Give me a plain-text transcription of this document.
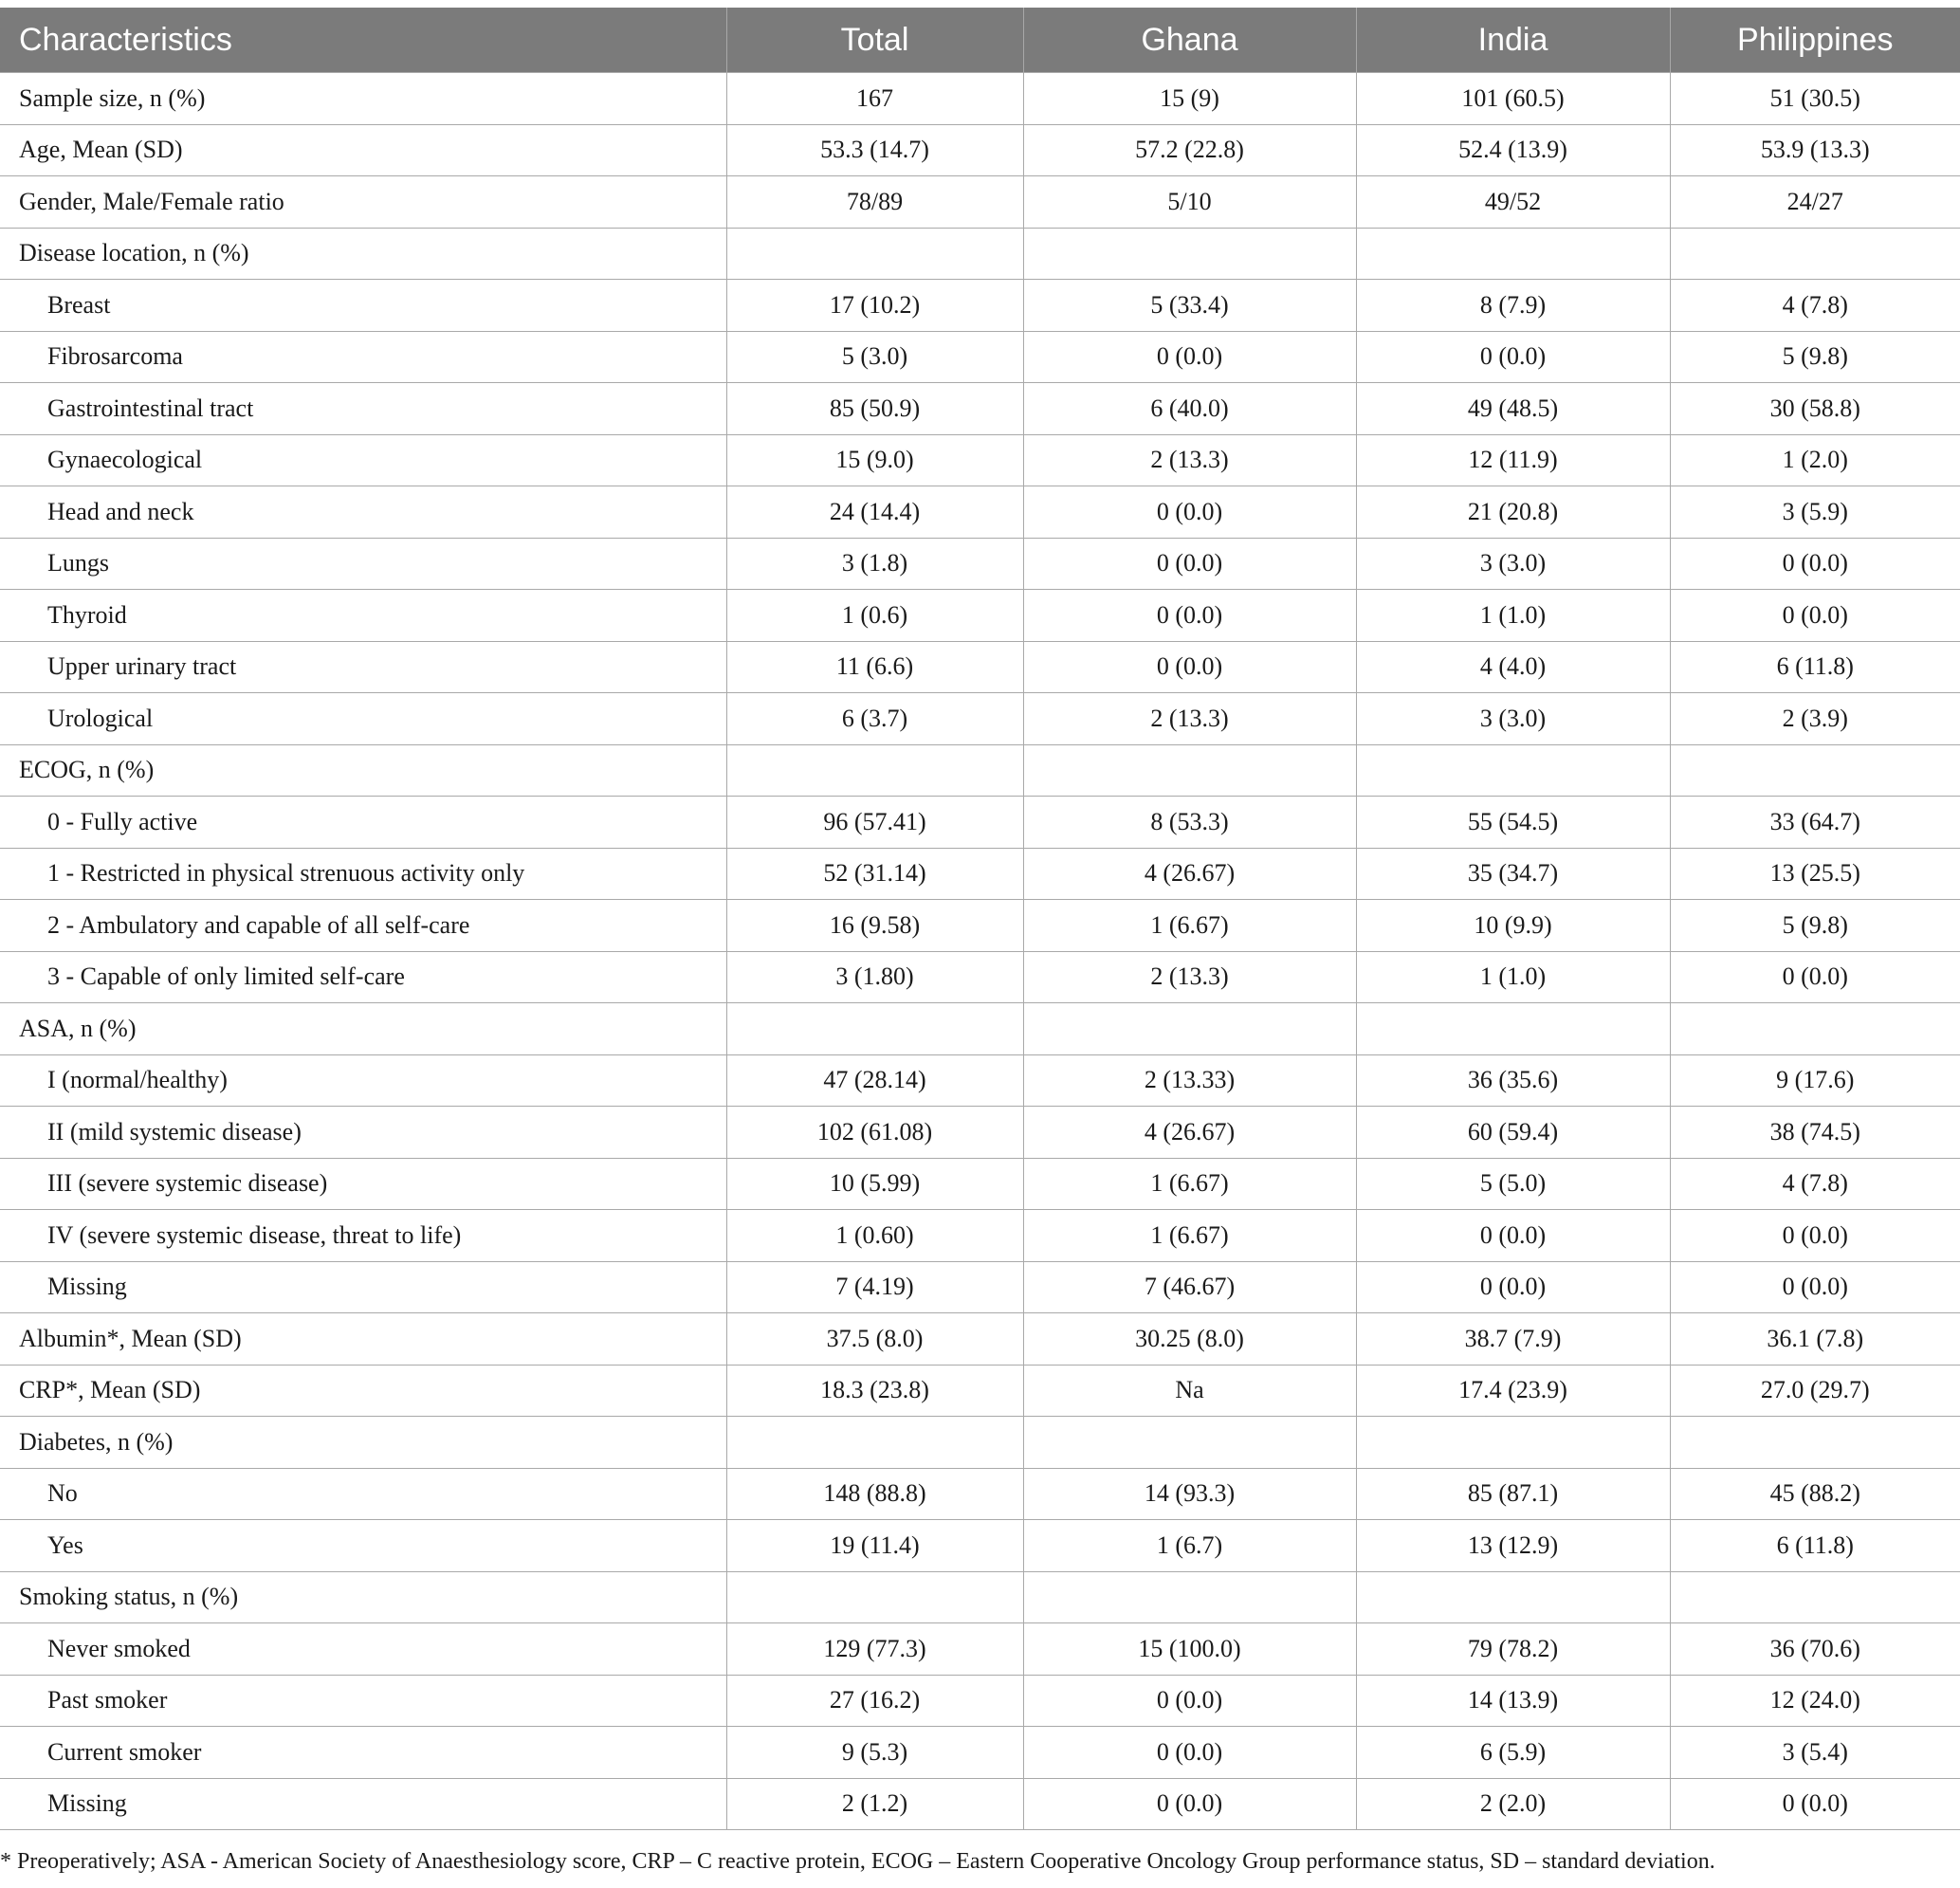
Characteristics	Total	Ghana	India	Philippines
Sample size, n (%)	167	15 (9)	101 (60.5)	51 (30.5)
Age, Mean (SD)	53.3 (14.7)	57.2 (22.8)	52.4 (13.9)	53.9 (13.3)
Gender, Male/Female ratio	78/89	5/10	49/52	24/27
Disease location, n (%)				
Breast	17 (10.2)	5 (33.4)	8 (7.9)	4 (7.8)
Fibrosarcoma	5 (3.0)	0 (0.0)	0 (0.0)	5 (9.8)
Gastrointestinal tract	85 (50.9)	6 (40.0)	49 (48.5)	30 (58.8)
Gynaecological	15 (9.0)	2 (13.3)	12 (11.9)	1 (2.0)
Head and neck	24 (14.4)	0 (0.0)	21 (20.8)	3 (5.9)
Lungs	3 (1.8)	0 (0.0)	3 (3.0)	0 (0.0)
Thyroid	1 (0.6)	0 (0.0)	1 (1.0)	0 (0.0)
Upper urinary tract	11 (6.6)	0 (0.0)	4 (4.0)	6 (11.8)
Urological	6 (3.7)	2 (13.3)	3 (3.0)	2 (3.9)
ECOG, n (%)				
0 - Fully active	96 (57.41)	8 (53.3)	55 (54.5)	33 (64.7)
1 - Restricted in physical strenuous activity only	52 (31.14)	4 (26.67)	35 (34.7)	13 (25.5)
2 - Ambulatory and capable of all self-care	16 (9.58)	1 (6.67)	10 (9.9)	5 (9.8)
3 - Capable of only limited self-care	3 (1.80)	2 (13.3)	1 (1.0)	0 (0.0)
ASA, n (%)				
I (normal/healthy)	47 (28.14)	2 (13.33)	36 (35.6)	9 (17.6)
II (mild systemic disease)	102 (61.08)	4 (26.67)	60 (59.4)	38 (74.5)
III (severe systemic disease)	10 (5.99)	1 (6.67)	5 (5.0)	4 (7.8)
IV (severe systemic disease, threat to life)	1 (0.60)	1 (6.67)	0 (0.0)	0 (0.0)
Missing	7 (4.19)	7 (46.67)	0 (0.0)	0 (0.0)
Albumin*, Mean (SD)	37.5 (8.0)	30.25 (8.0)	38.7 (7.9)	36.1 (7.8)
CRP*, Mean (SD)	18.3 (23.8)	Na	17.4 (23.9)	27.0 (29.7)
Diabetes, n (%)				
No	148 (88.8)	14 (93.3)	85 (87.1)	45 (88.2)
Yes	19 (11.4)	1 (6.7)	13 (12.9)	6 (11.8)
Smoking status, n (%)				
Never smoked	129 (77.3)	15 (100.0)	79 (78.2)	36 (70.6)
Past smoker	27 (16.2)	0 (0.0)	14 (13.9)	12 (24.0)
Current smoker	9 (5.3)	0 (0.0)	6 (5.9)	3 (5.4)
Missing	2 (1.2)	0 (0.0)	2 (2.0)	0 (0.0)
* Preoperatively; ASA - American Society of Anaesthesiology score, CRP – C reactive protein, ECOG – Eastern Cooperative Oncology Group performance status, SD – standard deviation.
